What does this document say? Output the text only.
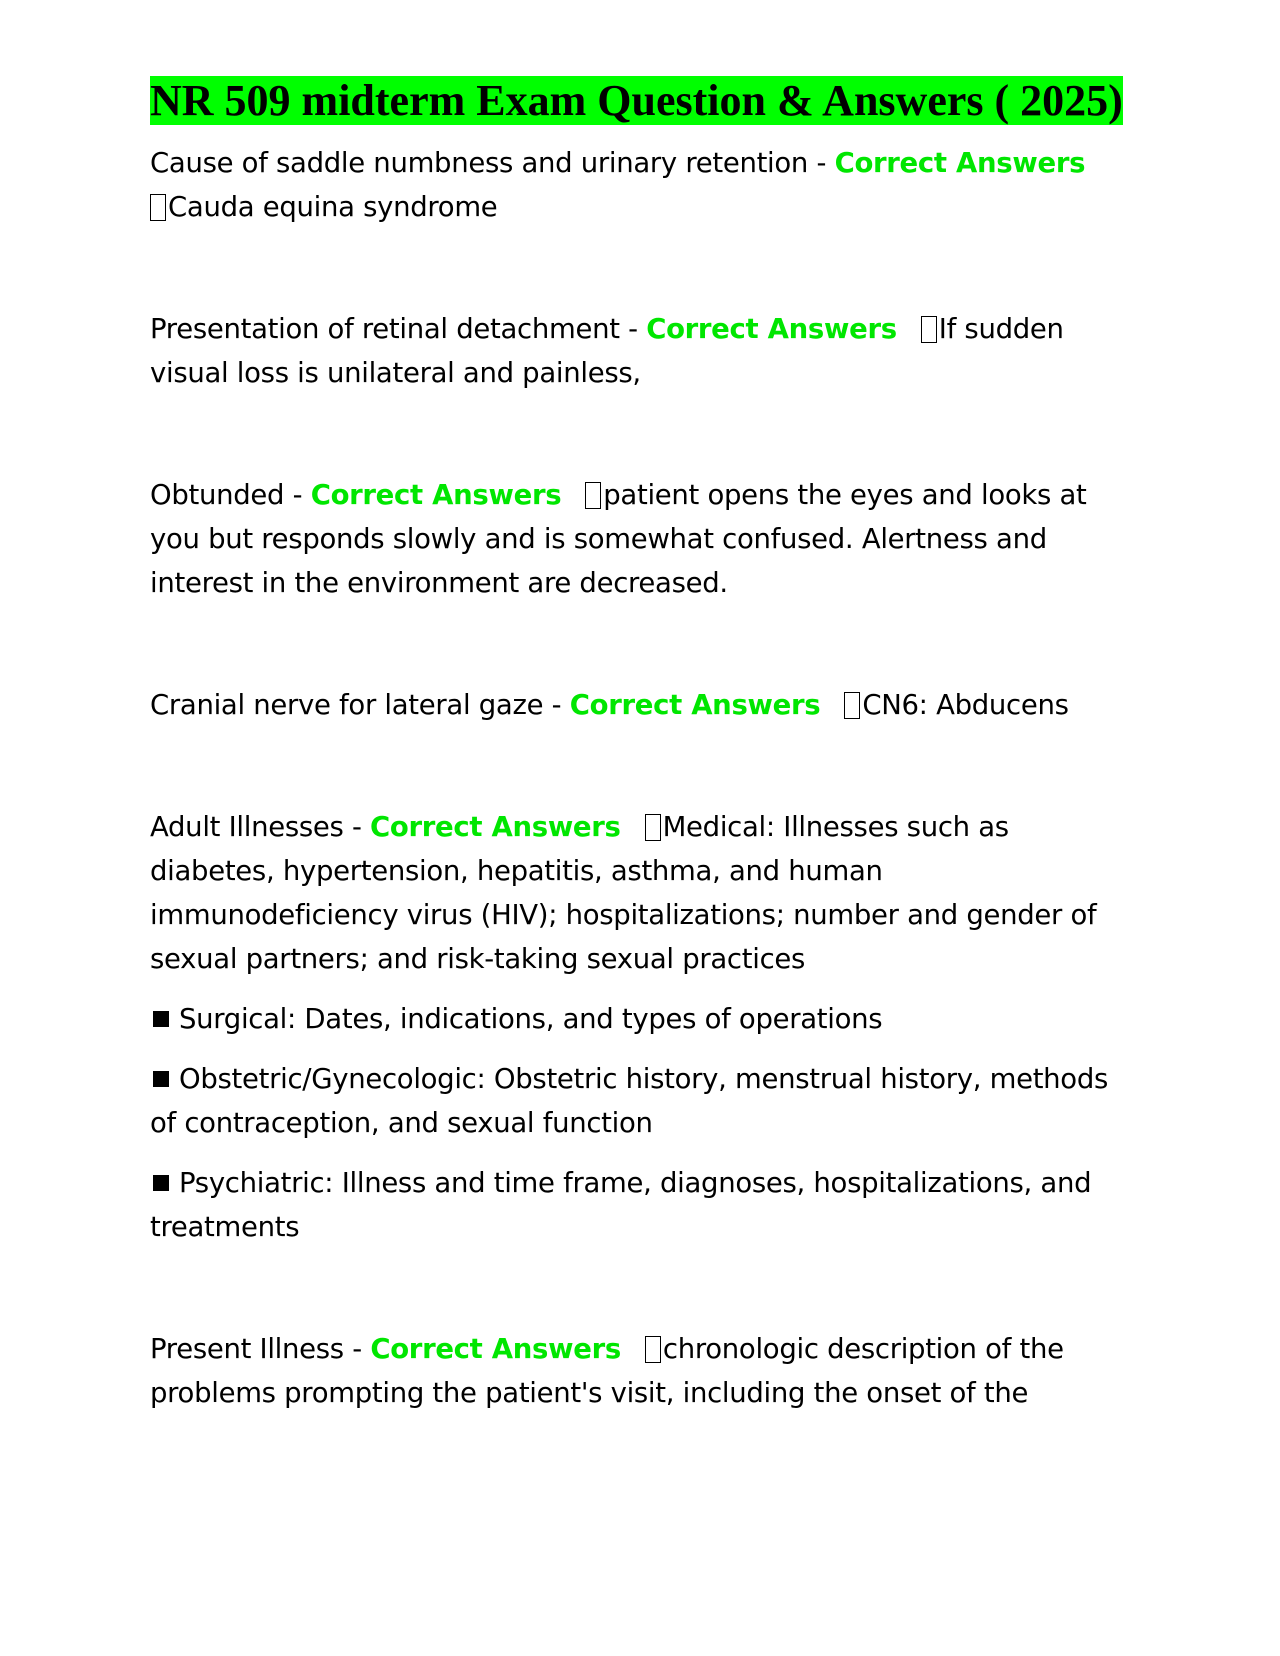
NR 509 midterm Exam Question & Answers ( 2025)

Cause of saddle numbness and urinary retention - Correct Answers
Cauda equina syndrome

Presentation of retinal detachment - Correct Answers If sudden visual loss is unilateral and painless,

Obtunded - Correct Answers patient opens the eyes and looks at you but responds slowly and is somewhat confused. Alertness and interest in the environment are decreased.

Cranial nerve for lateral gaze - Correct Answers CN6: Abducens

Adult Illnesses - Correct Answers Medical: Illnesses such as diabetes, hypertension, hepatitis, asthma, and human immunodeficiency virus (HIV); hospitalizations; number and gender of sexual partners; and risk-taking sexual practices

Surgical: Dates, indications, and types of operations

Obstetric/Gynecologic: Obstetric history, menstrual history, methods of contraception, and sexual function

Psychiatric: Illness and time frame, diagnoses, hospitalizations, and treatments

Present Illness - Correct Answers chronologic description of the problems prompting the patient's visit, including the onset of the
